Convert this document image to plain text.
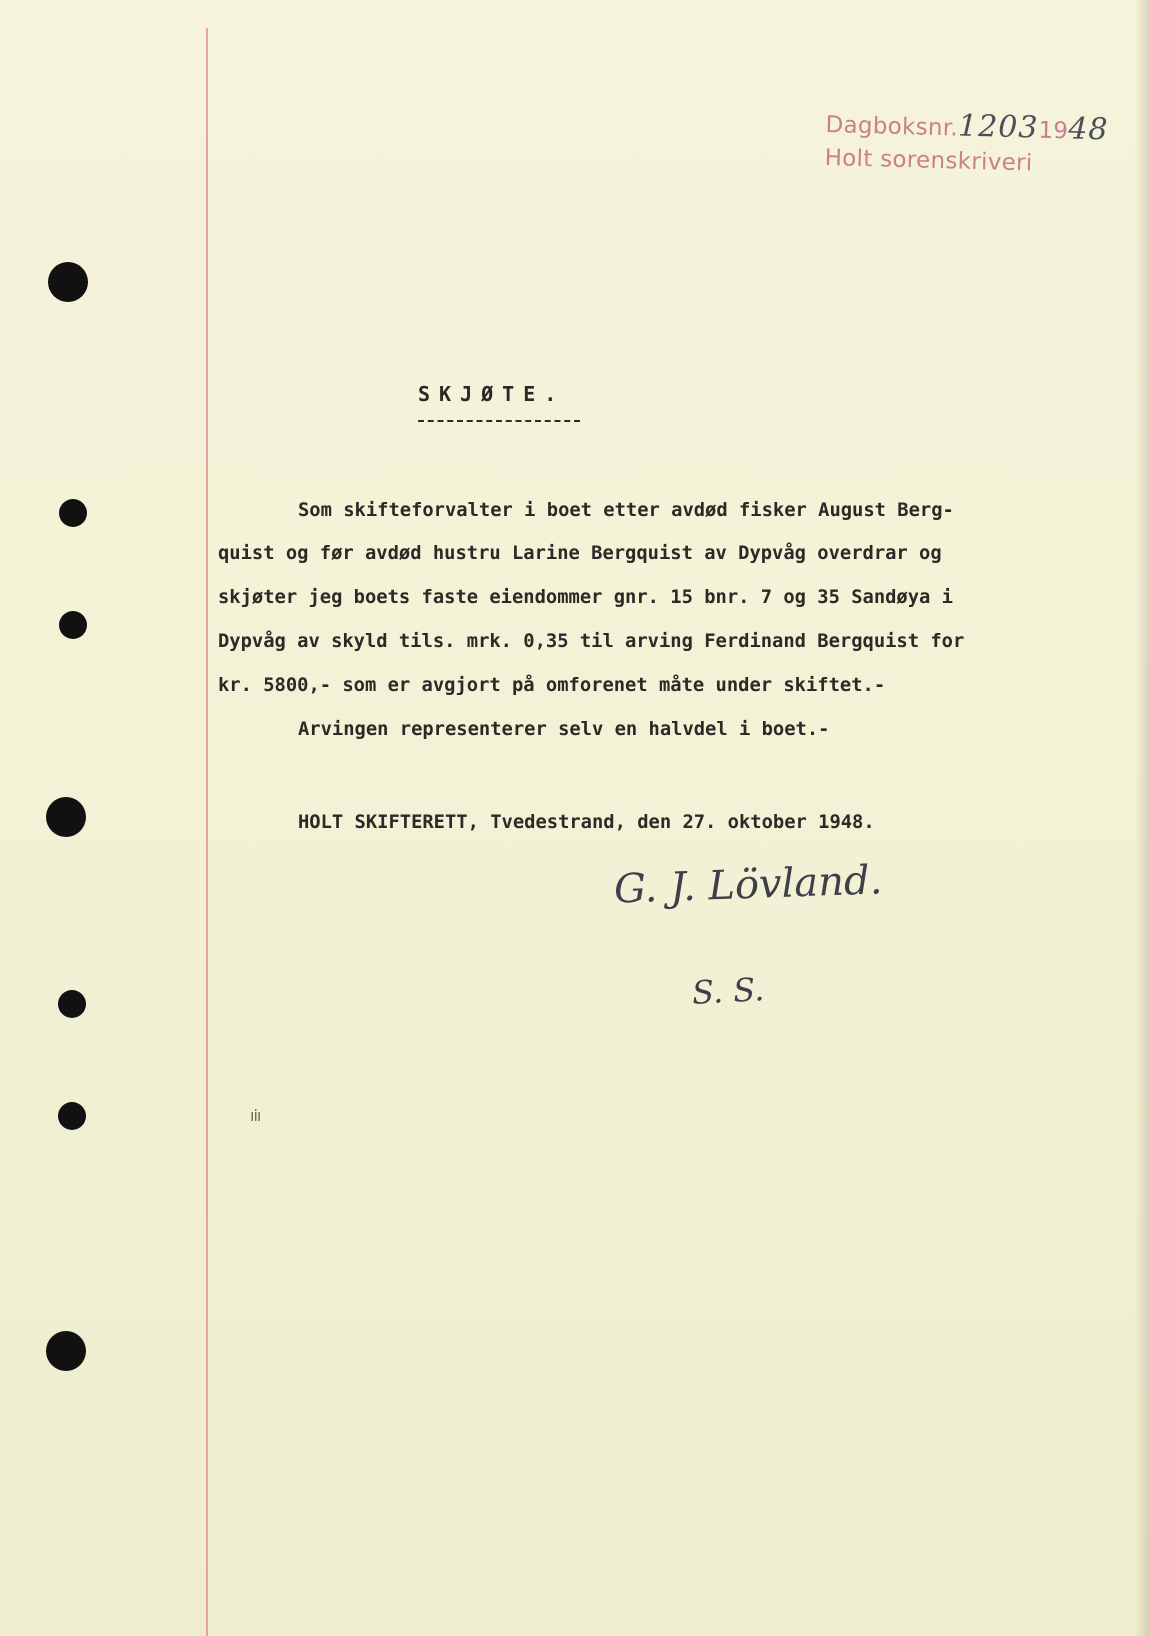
Dagboksnr.12031948
Holt sorenskriveri
SKJØTE.
Som skifteforvalter i boet etter avdød fisker August Berg-
quist og før avdød hustru Larine Bergquist av Dypvåg overdrar og
skjøter jeg boets faste eiendommer gnr. 15 bnr. 7 og 35 Sandøya i
Dypvåg av skyld tils. mrk. 0,35 til arving Ferdinand Bergquist for
kr. 5800,- som er avgjort på omforenet måte under skiftet.-
Arvingen representerer selv en halvdel i boet.-
HOLT SKIFTERETT, Tvedestrand, den 27. oktober 1948.
G. J. Lövland.
S. S.
ıiı
